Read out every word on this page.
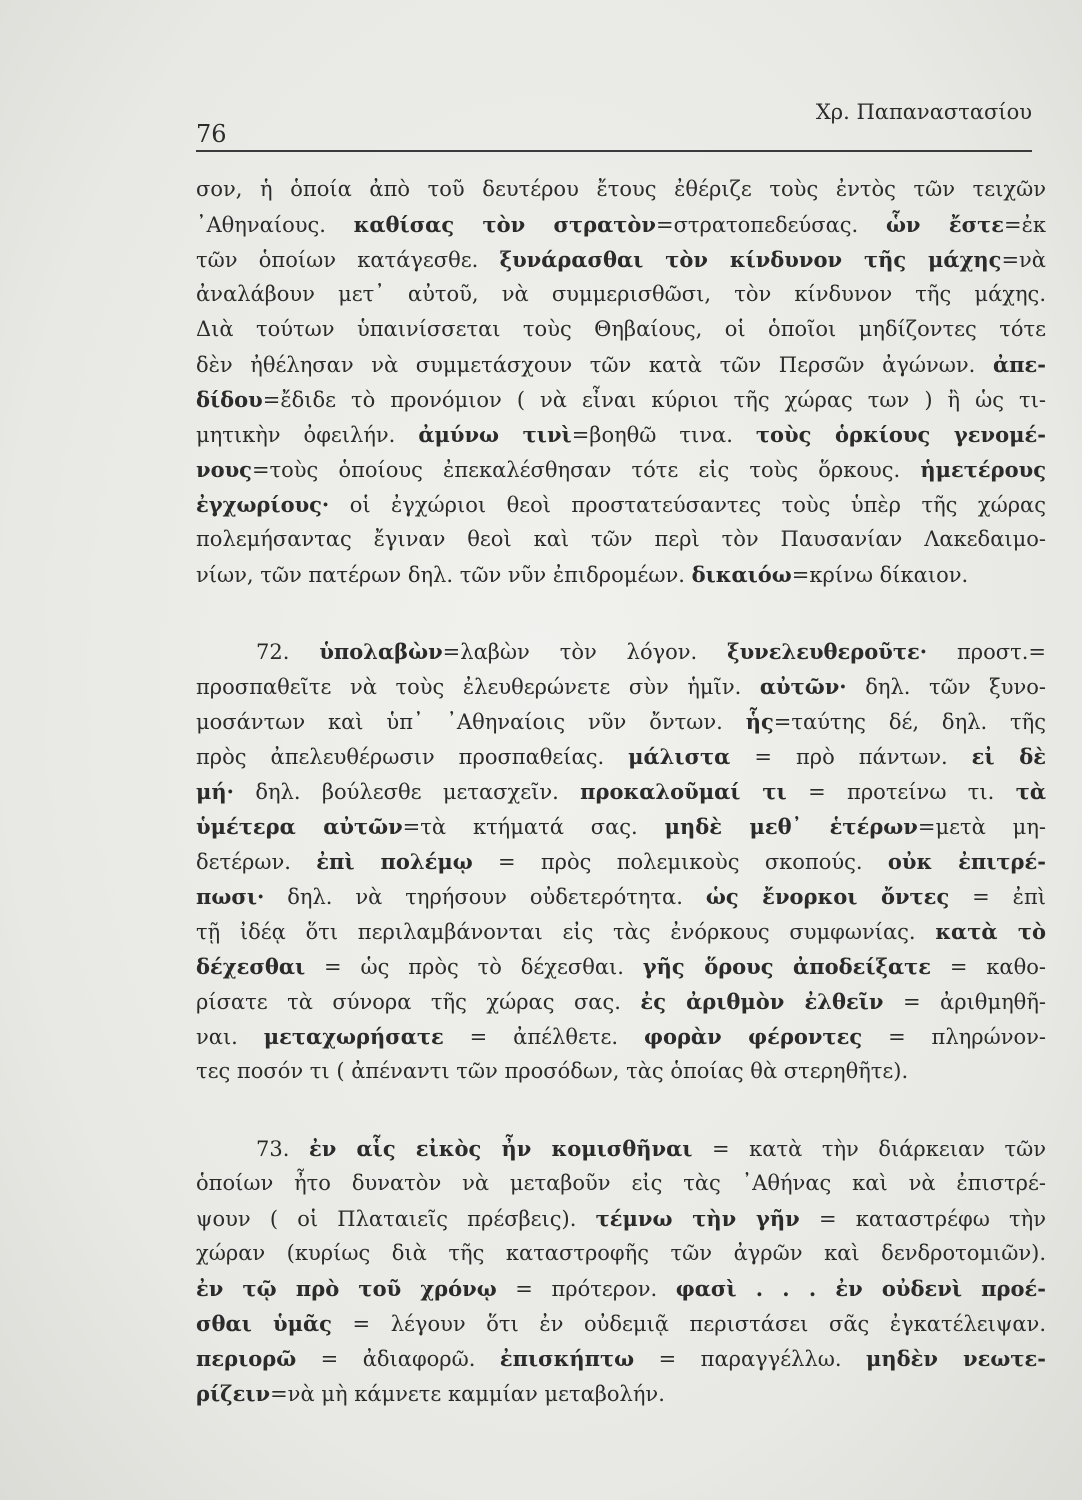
76
Χρ. Παπαναστασίου
σον, ἡ ὁποία ἀπὸ τοῦ δευτέρου ἔτους ἐθέριζε τοὺς ἐντὸς τῶν τειχῶν
᾿Αθηναίους. καθίσας τὸν στρατὸν=στρατοπεδεύσας. ὧν ἔστε=ἐκ
τῶν ὁποίων κατάγεσθε. ξυνάρασθαι τὸν κίνδυνον τῆς μάχης=νὰ
ἀναλάβουν μετ᾿ αὐτοῦ, νὰ συμμερισθῶσι, τὸν κίνδυνον τῆς μάχης.
Διὰ τούτων ὑπαινίσσεται τοὺς Θηβαίους, οἱ ὁποῖοι μηδίζοντες τότε
δὲν ἠθέλησαν νὰ συμμετάσχουν τῶν κατὰ τῶν Περσῶν ἀγώνων. ἀπε-
δίδου=ἔδιδε τὸ προνόμιον ( νὰ εἶναι κύριοι τῆς χώρας των ) ἢ ὡς τι-
μητικὴν ὀφειλήν. ἀμύνω τινὶ=βοηθῶ τινα. τοὺς ὁρκίους γενομέ-
νους=τοὺς ὁποίους ἐπεκαλέσθησαν τότε εἰς τοὺς ὅρκους. ἡμετέρους
ἐγχωρίους· οἱ ἐγχώριοι θεοὶ προστατεύσαντες τοὺς ὑπὲρ τῆς χώρας
πολεμήσαντας ἔγιναν θεοὶ καὶ τῶν περὶ τὸν Παυσανίαν Λακεδαιμο-
νίων, τῶν πατέρων δηλ. τῶν νῦν ἐπιδρομέων. δικαιόω=κρίνω δίκαιον.
72. ὑπολαβὼν=λαβὼν τὸν λόγον. ξυνελευθεροῦτε· προστ.=
προσπαθεῖτε νὰ τοὺς ἐλευθερώνετε σὺν ἡμῖν. αὐτῶν· δηλ. τῶν ξυνο-
μοσάντων καὶ ὑπ᾿ ᾿Αθηναίοις νῦν ὄντων. ἧς=ταύτης δέ, δηλ. τῆς
πρὸς ἀπελευθέρωσιν προσπαθείας. μάλιστα = πρὸ πάντων. εἰ δὲ
μή· δηλ. βούλεσθε μετασχεῖν. προκαλοῦμαί τι = προτείνω τι. τὰ
ὑμέτερα αὐτῶν=τὰ κτήματά σας. μηδὲ μεθ᾿ ἑτέρων=μετὰ μη-
δετέρων. ἐπὶ πολέμῳ = πρὸς πολεμικοὺς σκοπούς. οὐκ ἐπιτρέ-
πωσι· δηλ. νὰ τηρήσουν οὐδετερότητα. ὡς ἔνορκοι ὄντες = ἐπὶ
τῇ ἰδέᾳ ὅτι περιλαμβάνονται εἰς τὰς ἐνόρκους συμφωνίας. κατὰ τὸ
δέχεσθαι = ὡς πρὸς τὸ δέχεσθαι. γῆς ὅρους ἀποδείξατε = καθο-
ρίσατε τὰ σύνορα τῆς χώρας σας. ἐς ἀριθμὸν ἐλθεῖν = ἀριθμηθῆ-
ναι. μεταχωρήσατε = ἀπέλθετε. φορὰν φέροντες = πληρώνον-
τες ποσόν τι ( ἀπέναντι τῶν προσόδων, τὰς ὁποίας θὰ στερηθῆτε).
73. ἐν αἷς εἰκὸς ἦν κομισθῆναι = κατὰ τὴν διάρκειαν τῶν
ὁποίων ἦτο δυνατὸν νὰ μεταβοῦν εἰς τὰς ᾿Αθήνας καὶ νὰ ἐπιστρέ-
ψουν ( οἱ Πλαταιεῖς πρέσβεις). τέμνω τὴν γῆν = καταστρέφω τὴν
χώραν (κυρίως διὰ τῆς καταστροφῆς τῶν ἀγρῶν καὶ δενδροτομιῶν).
ἐν τῷ πρὸ τοῦ χρόνῳ = πρότερον. φασὶ . . . ἐν οὐδενὶ προέ-
σθαι ὑμᾶς = λέγουν ὅτι ἐν οὐδεμιᾷ περιστάσει σᾶς ἐγκατέλειψαν.
περιορῶ = ἀδιαφορῶ. ἐπισκήπτω = παραγγέλλω. μηδὲν νεωτε-
ρίζειν=νὰ μὴ κάμνετε καμμίαν μεταβολήν.
